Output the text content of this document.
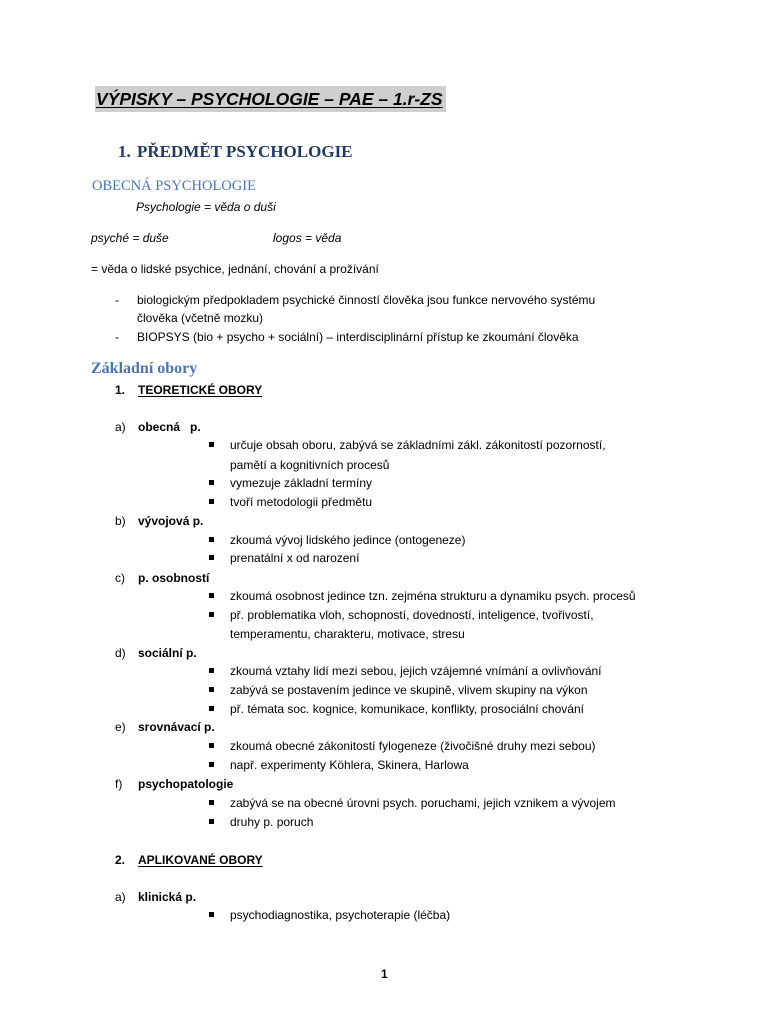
VÝPISKY – PSYCHOLOGIE – PAE – 1.r-ZS
1. PŘEDMĚT PSYCHOLOGIE
OBECNÁ PSYCHOLOGIE
Psychologie = věda o duši
psyché = duše	logos = věda
= věda o lidské psychice, jednání, chování a prožívání
- biologickým předpokladem psychické činností člověka jsou funkce nervového systému
člověka (včetně mozku)
- BIOPSYS (bio + psycho + sociální) – interdisciplinární přístup ke zkoumání člověka
Základní obory
1. TEORETICKÉ OBORY
a) obecná   p.
určuje obsah oboru, zabývá se základními zákl. zákonitostí pozorností,
pamětí a kognitivních procesů
vymezuje základní termíny
tvoří metodologii předmětu
b) vývojová p.
zkoumá vývoj lidského jedince (ontogeneze)
prenatální x od narození
c) p. osobností
zkoumá osobnost jedince tzn. zejména strukturu a dynamiku psych. procesů
př. problematika vloh, schopností, dovedností, inteligence, tvořivostí,
temperamentu, charakteru, motivace, stresu
d) sociální p.
zkoumá vztahy lidí mezi sebou, jejich vzájemné vnímání a ovlivňování
zabývá se postavením jedince ve skupině, vlivem skupiny na výkon
př. témata soc. kognice, komunikace, konflikty, prosociální chování
e) srovnávací p.
zkoumá obecné zákonitostí fylogeneze (živočišné druhy mezi sebou)
např. experimenty Köhlera, Skinera, Harlowa
f) psychopatologie
zabývá se na obecné úrovni psych. poruchami, jejich vznikem a vývojem
druhy p. poruch
2. APLIKOVANÉ OBORY
a) klinická p.
psychodiagnostika, psychoterapie (léčba)
1
